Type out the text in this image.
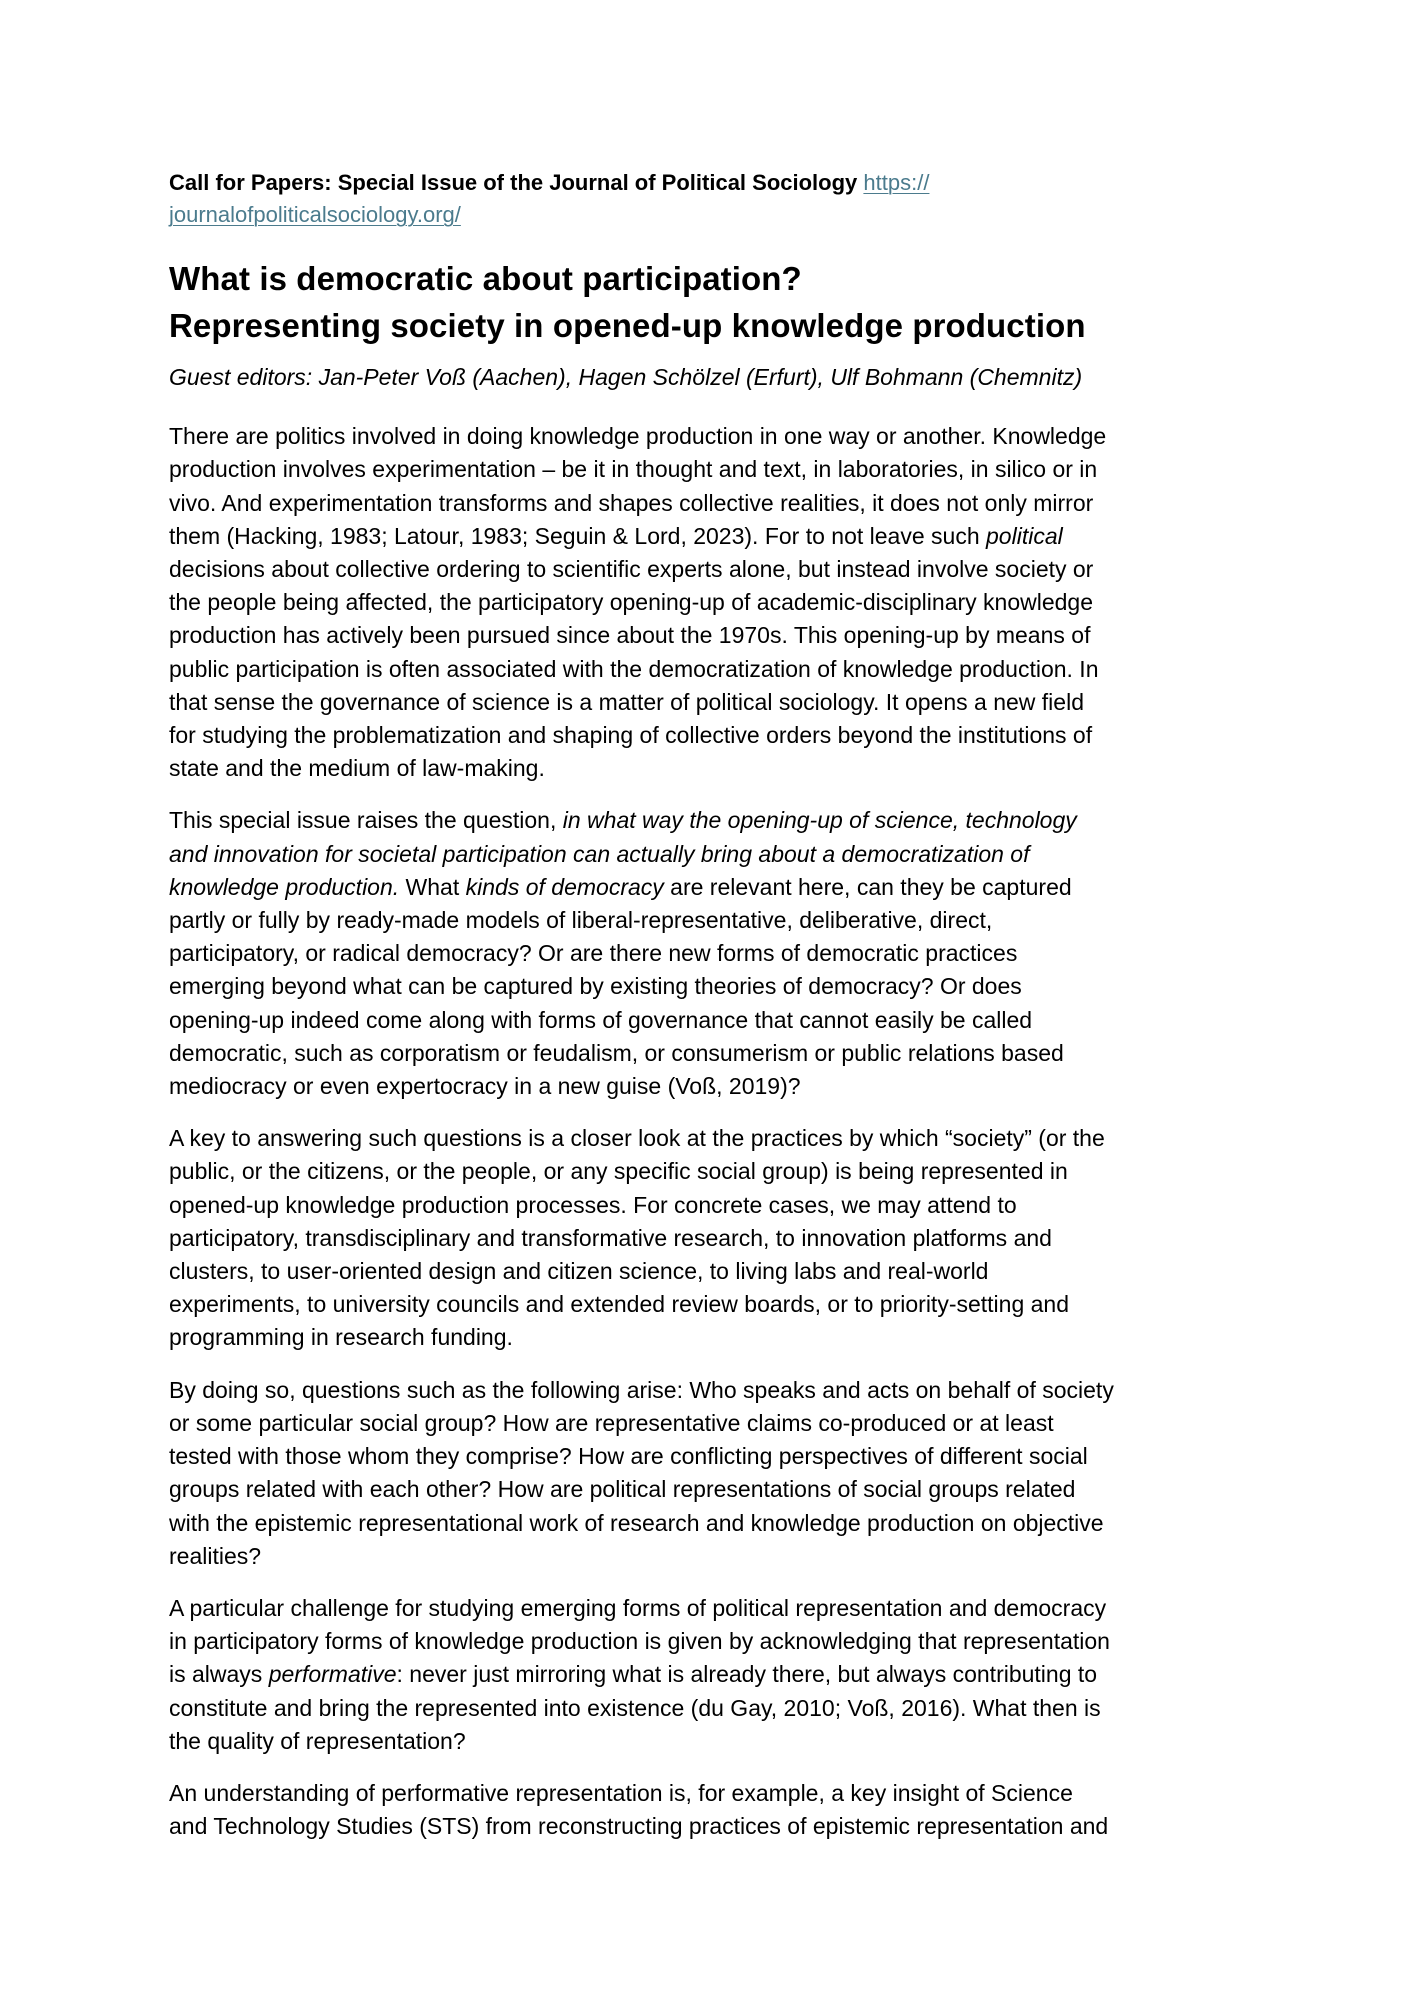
Call for Papers: Special Issue of the Journal of Political Sociology https://
journalofpoliticalsociology.org/

What is democratic about participation?
Representing society in opened-up knowledge production

Guest editors: Jan-Peter Voß (Aachen), Hagen Schölzel (Erfurt), Ulf Bohmann (Chemnitz)

There are politics involved in doing knowledge production in one way or another. Knowledge
production involves experimentation – be it in thought and text, in laboratories, in silico or in
vivo. And experimentation transforms and shapes collective realities, it does not only mirror
them (Hacking, 1983; Latour, 1983; Seguin & Lord, 2023). For to not leave such political
decisions about collective ordering to scientific experts alone, but instead involve society or
the people being affected, the participatory opening-up of academic-disciplinary knowledge
production has actively been pursued since about the 1970s. This opening-up by means of
public participation is often associated with the democratization of knowledge production. In
that sense the governance of science is a matter of political sociology. It opens a new field
for studying the problematization and shaping of collective orders beyond the institutions of
state and the medium of law-making.

This special issue raises the question, in what way the opening-up of science, technology
and innovation for societal participation can actually bring about a democratization of
knowledge production. What kinds of democracy are relevant here, can they be captured
partly or fully by ready-made models of liberal-representative, deliberative, direct,
participatory, or radical democracy? Or are there new forms of democratic practices
emerging beyond what can be captured by existing theories of democracy? Or does
opening-up indeed come along with forms of governance that cannot easily be called
democratic, such as corporatism or feudalism, or consumerism or public relations based
mediocracy or even expertocracy in a new guise (Voß, 2019)?

A key to answering such questions is a closer look at the practices by which “society” (or the
public, or the citizens, or the people, or any specific social group) is being represented in
opened-up knowledge production processes. For concrete cases, we may attend to
participatory, transdisciplinary and transformative research, to innovation platforms and
clusters, to user-oriented design and citizen science, to living labs and real-world
experiments, to university councils and extended review boards, or to priority-setting and
programming in research funding.

By doing so, questions such as the following arise: Who speaks and acts on behalf of society
or some particular social group? How are representative claims co-produced or at least
tested with those whom they comprise? How are conflicting perspectives of different social
groups related with each other? How are political representations of social groups related
with the epistemic representational work of research and knowledge production on objective
realities?

A particular challenge for studying emerging forms of political representation and democracy
in participatory forms of knowledge production is given by acknowledging that representation
is always performative: never just mirroring what is already there, but always contributing to
constitute and bring the represented into existence (du Gay, 2010; Voß, 2016). What then is
the quality of representation?

An understanding of performative representation is, for example, a key insight of Science
and Technology Studies (STS) from reconstructing practices of epistemic representation and
